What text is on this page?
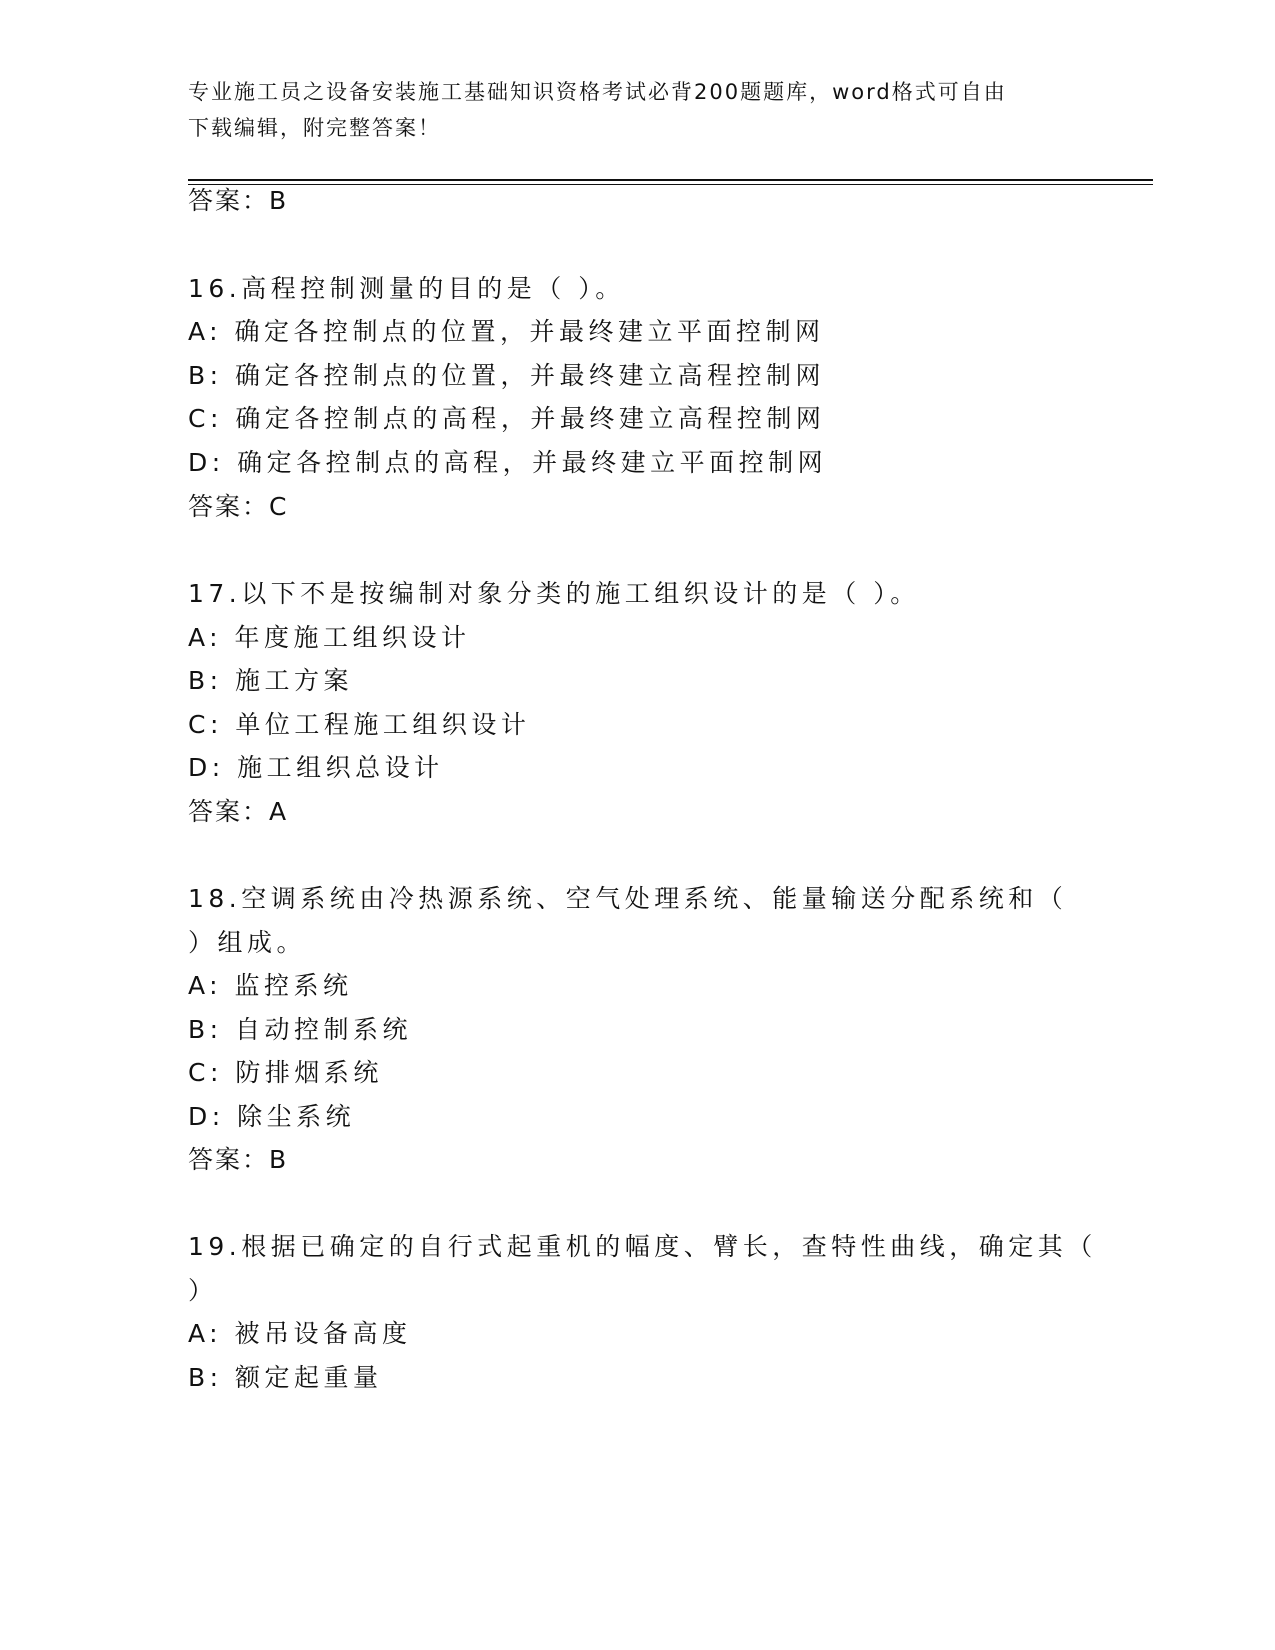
专业施工员之设备安装施工基础知识资格考试必背200题题库，word格式可自由
下载编辑，附完整答案！
答案：B
16.高程控制测量的目的是（ ）。
A: 确定各控制点的位置，并最终建立平面控制网
B: 确定各控制点的位置，并最终建立高程控制网
C: 确定各控制点的高程，并最终建立高程控制网
D: 确定各控制点的高程，并最终建立平面控制网
答案：C
17.以下不是按编制对象分类的施工组织设计的是（ ）。
A: 年度施工组织设计
B: 施工方案
C: 单位工程施工组织设计
D: 施工组织总设计
答案：A
18.空调系统由冷热源系统、空气处理系统、能量输送分配系统和（
）组成。
A: 监控系统
B: 自动控制系统
C: 防排烟系统
D: 除尘系统
答案：B
19.根据已确定的自行式起重机的幅度、臂长，查特性曲线，确定其（
）
A: 被吊设备高度
B: 额定起重量
